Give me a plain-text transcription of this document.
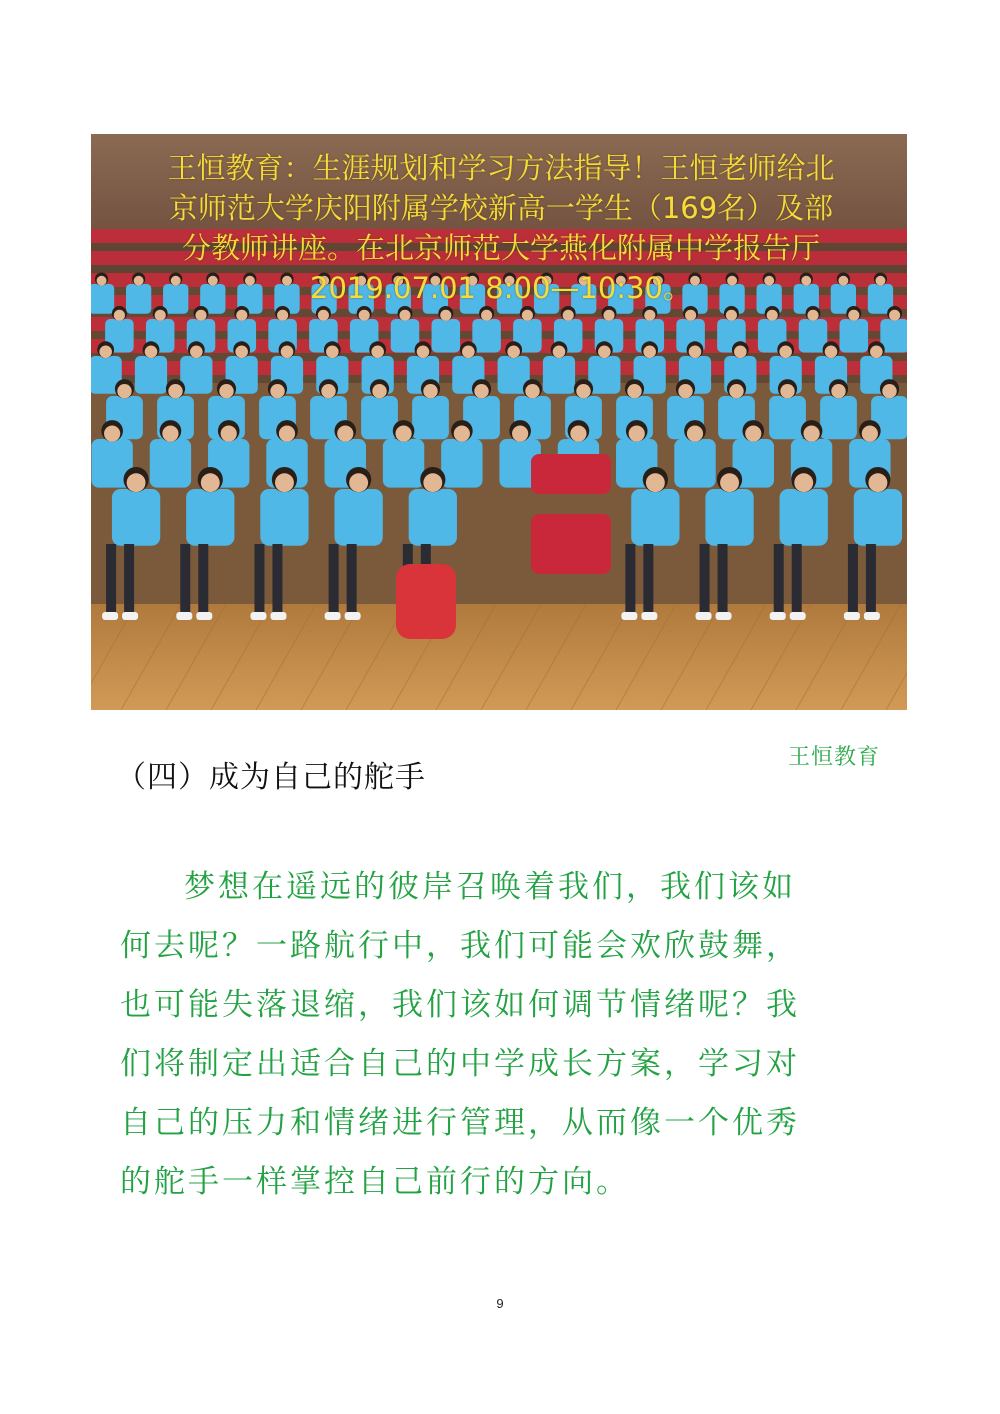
王恒教育：生涯规划和学习方法指导！王恒老师给北
京师范大学庆阳附属学校新高一学生（169名）及部
分教师讲座。在北京师范大学燕化附属中学报告厅
2019.07.01 8:00—10:30。
（四）成为自己的舵手
王恒教育
梦想在遥远的彼岸召唤着我们，我们该如
何去呢？一路航行中，我们可能会欢欣鼓舞，
也可能失落退缩，我们该如何调节情绪呢？我
们将制定出适合自己的中学成长方案，学习对
自己的压力和情绪进行管理，从而像一个优秀
的舵手一样掌控自己前行的方向。
9
